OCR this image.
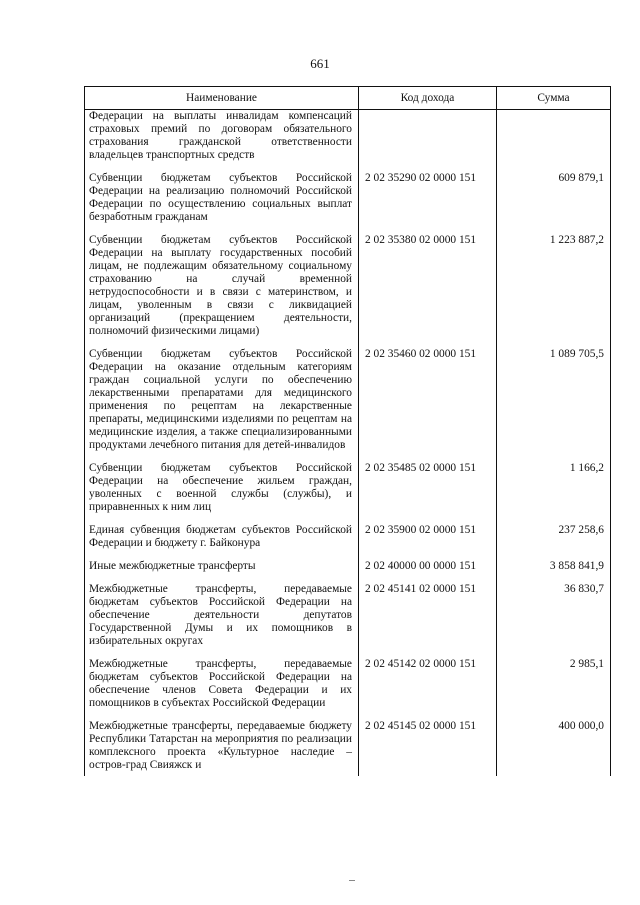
661
Наименование	Код дохода	Сумма
Федерации на выплаты инвалидам компенсаций страховых премий по договорам обязательного страхования гражданской ответственности владельцев транспортных средств		
Субвенции бюджетам субъектов Российской Федерации на реализацию полномочий Российской Федерации по осуществлению социальных выплат безработным гражданам	2 02 35290 02 0000 151	609 879,1
Субвенции бюджетам субъектов Российской Федерации на выплату государственных пособий лицам, не подлежащим обязательному социальному страхованию на случай временной нетрудоспособности и в связи с материнством, и лицам, уволенным в связи с ликвидацией организаций (прекращением деятельности, полномочий физическими лицами)	2 02 35380 02 0000 151	1 223 887,2
Субвенции бюджетам субъектов Российской Федерации на оказание отдельным категориям граждан социальной услуги по обеспечению лекарственными препаратами для медицинского применения по рецептам на лекарственные препараты, медицинскими изделиями по рецептам на медицинские изделия, а также специализированными продуктами лечебного питания для детей-инвалидов	2 02 35460 02 0000 151	1 089 705,5
Субвенции бюджетам субъектов Российской Федерации на обеспечение жильем граждан, уволенных с военной службы (службы), и приравненных к ним лиц	2 02 35485 02 0000 151	1 166,2
Единая субвенция бюджетам субъектов Российской Федерации и бюджету г. Байконура	2 02 35900 02 0000 151	237 258,6
Иные межбюджетные трансферты	2 02 40000 00 0000 151	3 858 841,9
Межбюджетные трансферты, передаваемые бюджетам субъектов Российской Федерации на обеспечение деятельности депутатов Государственной Думы и их помощников в избирательных округах	2 02 45141 02 0000 151	36 830,7
Межбюджетные трансферты, передаваемые бюджетам субъектов Российской Федерации на обеспечение членов Совета Федерации и их помощников в субъектах Российской Федерации	2 02 45142 02 0000 151	2 985,1
Межбюджетные трансферты, передаваемые бюджету Республики Татарстан на мероприятия по реализации комплексного проекта «Культурное наследие – остров-град Свияжск и	2 02 45145 02 0000 151	400 000,0
